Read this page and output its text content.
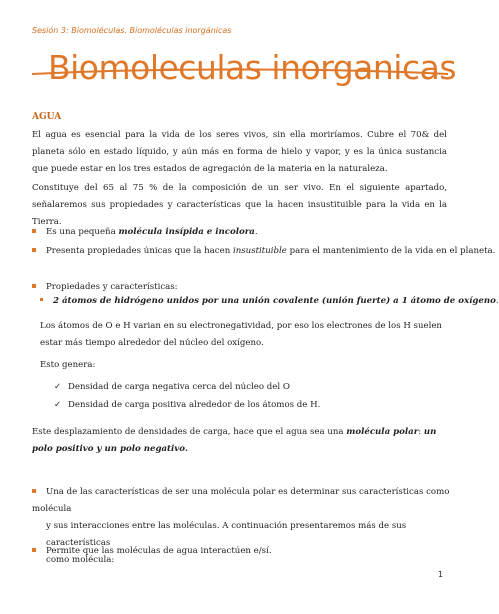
Sesión 3: Biomoléculas. Biomoléculas inorgánicas
Biomoleculas inorganicas
AGUA
El agua es esencial para la vida de los seres vivos, sin ella moriríamos. Cubre el 70& del planeta sólo en estado líquido, y aún más en forma de hielo y vapor, y es la única sustancia que puede estar en los tres estados de agregación de la materia en la naturaleza.
Constituye del 65 al 75 % de la composición de un ser vivo. En el siguiente apartado, señalaremos sus propiedades y características que la hacen insustituible para la vida en la Tierra.
Es una pequeña molécula insípida e incolora.
Presenta propiedades únicas que la hacen insustituible para el mantenimiento de la vida en el planeta.
Propiedades y características:
2 átomos de hidrógeno unidos por una unión covalente (unión fuerte) a 1 átomo de oxígeno.
Los átomos de O e H varian en su electronegatividad, por eso los electrones de los H suelen estar más tiempo alrededor del núcleo del oxígeno.
Esto genera:
✓ Densidad de carga negativa cerca del núcleo del O
✓ Densidad de carga positiva alrededor de los átomos de H.
Este desplazamiento de densidades de carga, hace que el agua sea una molécula polar: un polo positivo y un polo negativo.
Una de las características de ser una molécula polar es determinar sus características como molécula
y sus interacciones entre las moléculas. A continuación presentaremos más de sus características
como molécula:
Permite que las moléculas de agua interactúen e/sí.
1
